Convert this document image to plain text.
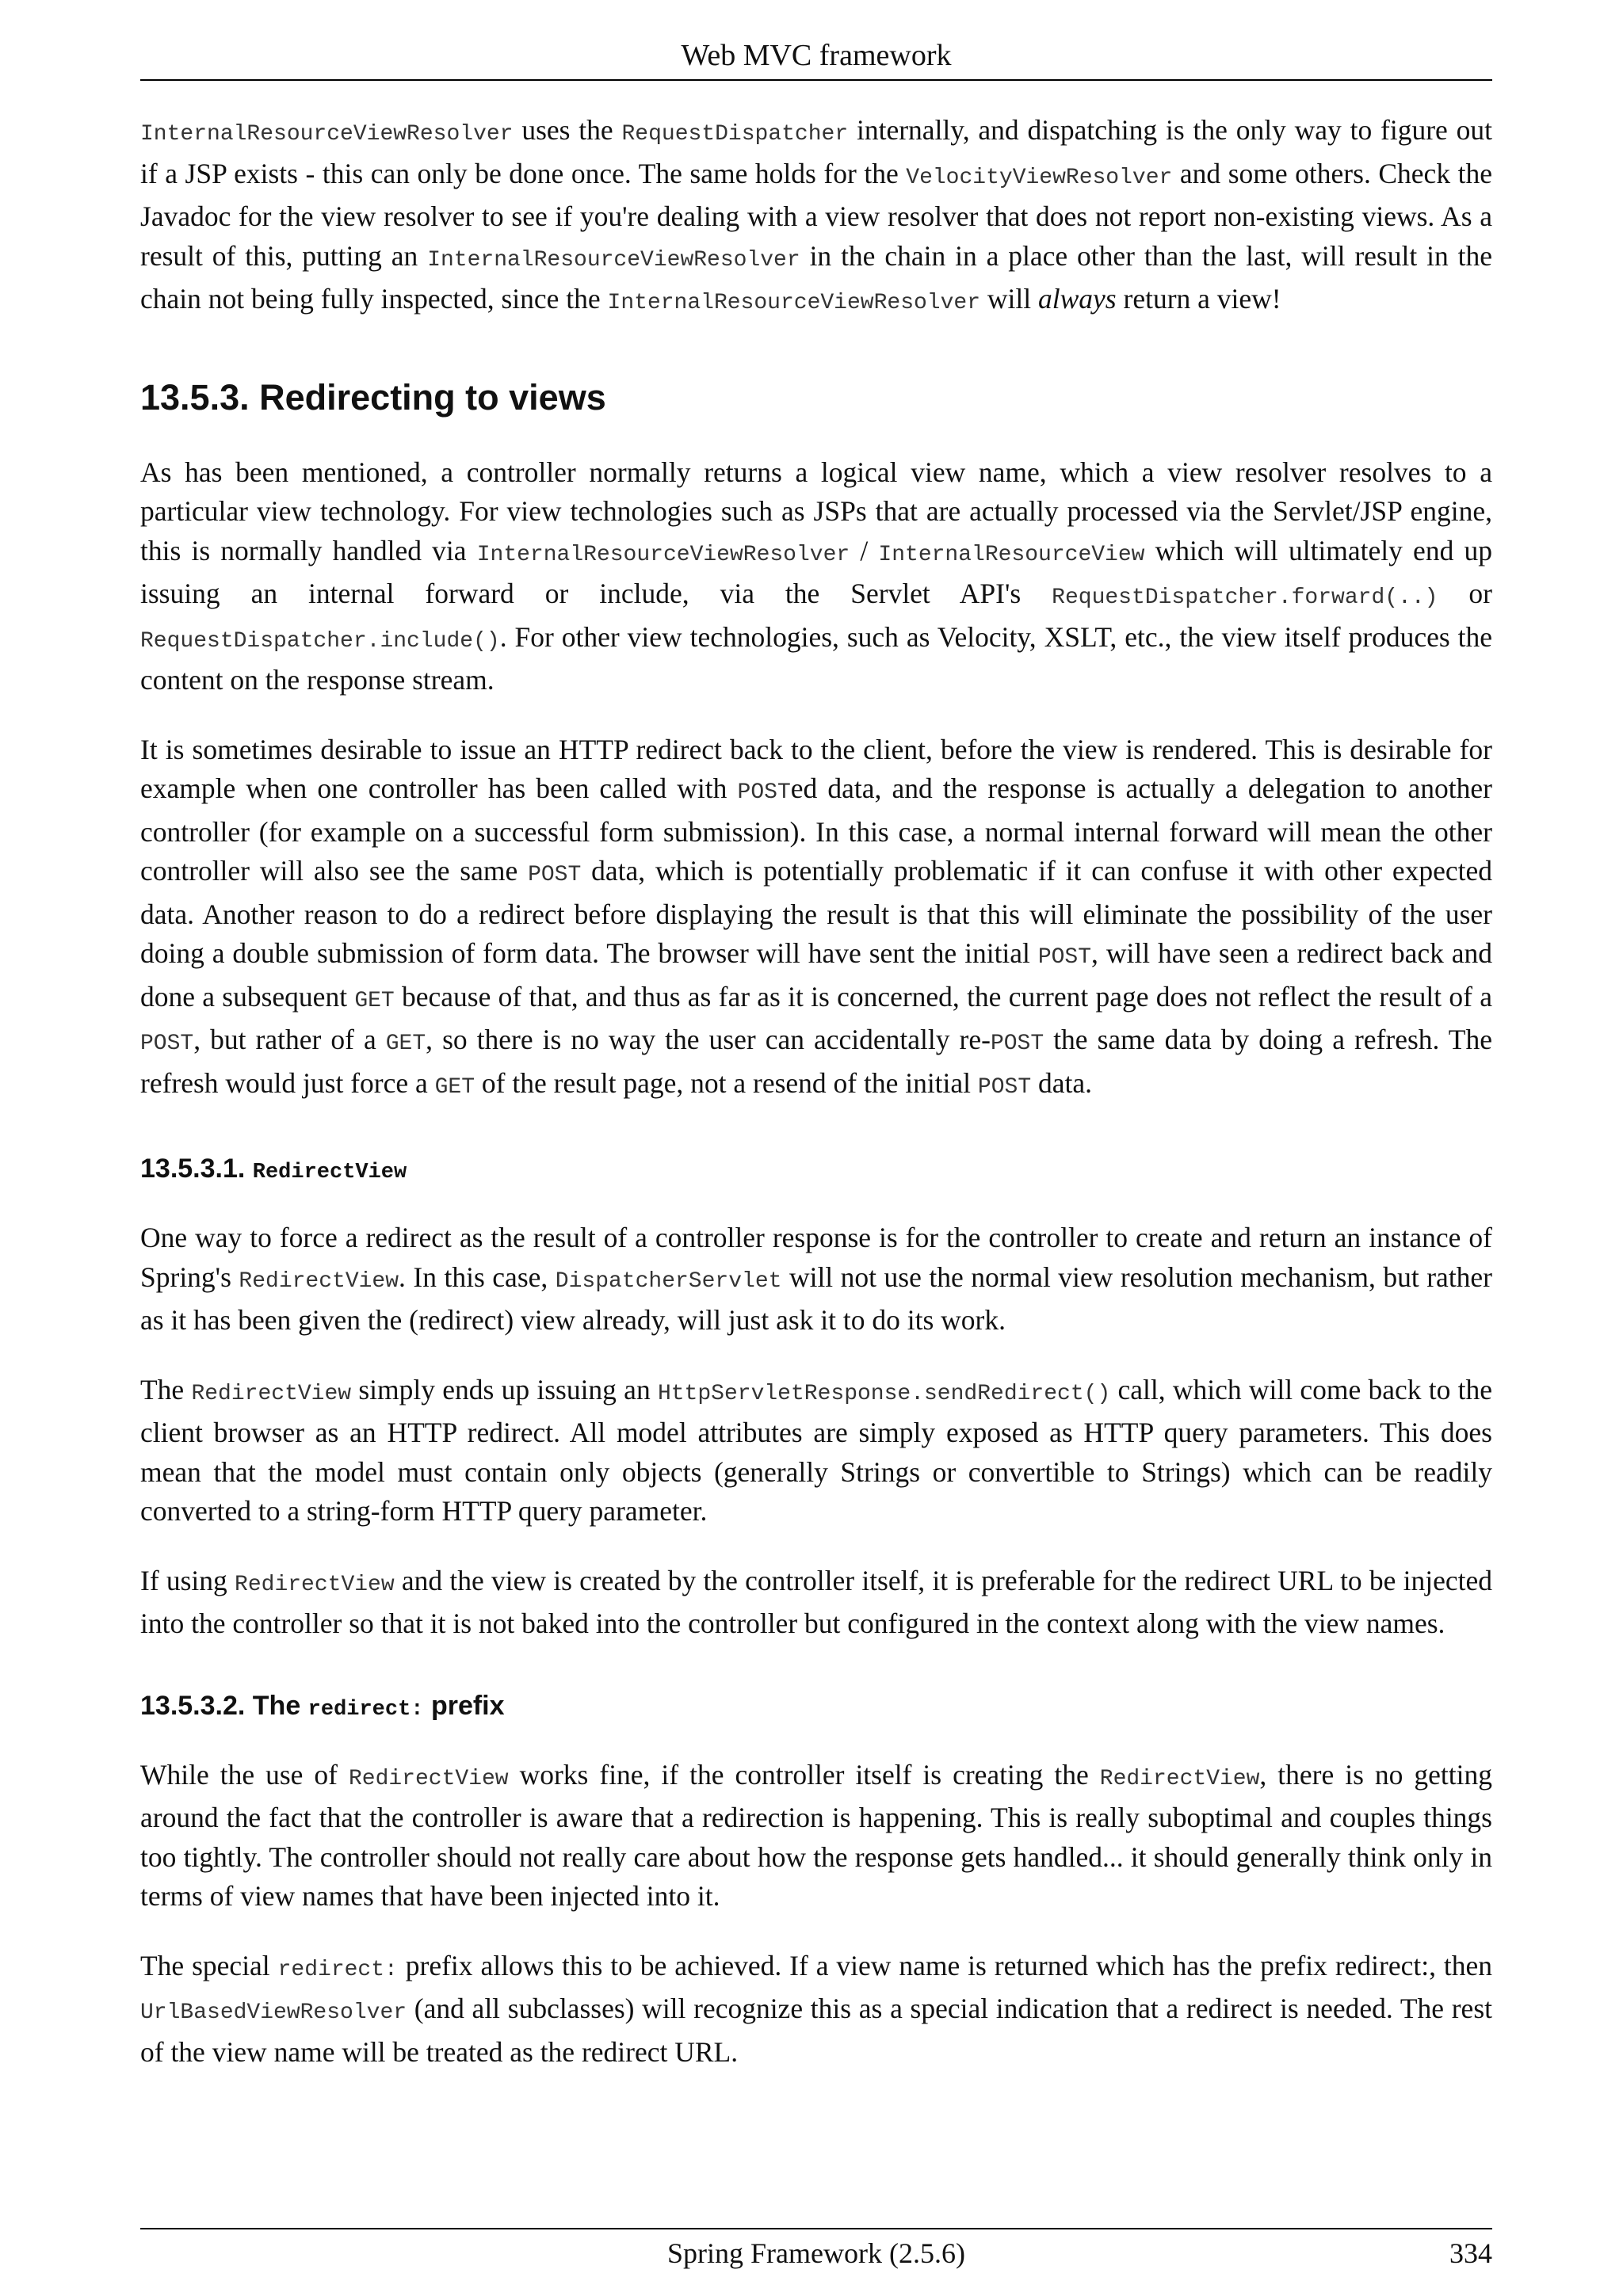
Web MVC framework

InternalResourceViewResolver uses the RequestDispatcher internally, and dispatching is the only way to figure out if a JSP exists - this can only be done once. The same holds for the VelocityViewResolver and some others. Check the Javadoc for the view resolver to see if you're dealing with a view resolver that does not report non-existing views. As a result of this, putting an InternalResourceViewResolver in the chain in a place other than the last, will result in the chain not being fully inspected, since the InternalResourceViewResolver will always return a view!

13.5.3. Redirecting to views

As has been mentioned, a controller normally returns a logical view name, which a view resolver resolves to a particular view technology. For view technologies such as JSPs that are actually processed via the Servlet/JSP engine, this is normally handled via InternalResourceViewResolver / InternalResourceView which will ultimately end up issuing an internal forward or include, via the Servlet API's RequestDispatcher.forward(..) or RequestDispatcher.include(). For other view technologies, such as Velocity, XSLT, etc., the view itself produces the content on the response stream.

It is sometimes desirable to issue an HTTP redirect back to the client, before the view is rendered. This is desirable for example when one controller has been called with POSTed data, and the response is actually a delegation to another controller (for example on a successful form submission). In this case, a normal internal forward will mean the other controller will also see the same POST data, which is potentially problematic if it can confuse it with other expected data. Another reason to do a redirect before displaying the result is that this will eliminate the possibility of the user doing a double submission of form data. The browser will have sent the initial POST, will have seen a redirect back and done a subsequent GET because of that, and thus as far as it is concerned, the current page does not reflect the result of a POST, but rather of a GET, so there is no way the user can accidentally re-POST the same data by doing a refresh. The refresh would just force a GET of the result page, not a resend of the initial POST data.

13.5.3.1. RedirectView

One way to force a redirect as the result of a controller response is for the controller to create and return an instance of Spring's RedirectView. In this case, DispatcherServlet will not use the normal view resolution mechanism, but rather as it has been given the (redirect) view already, will just ask it to do its work.

The RedirectView simply ends up issuing an HttpServletResponse.sendRedirect() call, which will come back to the client browser as an HTTP redirect. All model attributes are simply exposed as HTTP query parameters. This does mean that the model must contain only objects (generally Strings or convertible to Strings) which can be readily converted to a string-form HTTP query parameter.

If using RedirectView and the view is created by the controller itself, it is preferable for the redirect URL to be injected into the controller so that it is not baked into the controller but configured in the context along with the view names.

13.5.3.2. The redirect: prefix

While the use of RedirectView works fine, if the controller itself is creating the RedirectView, there is no getting around the fact that the controller is aware that a redirection is happening. This is really suboptimal and couples things too tightly. The controller should not really care about how the response gets handled... it should generally think only in terms of view names that have been injected into it.

The special redirect: prefix allows this to be achieved. If a view name is returned which has the prefix redirect:, then UrlBasedViewResolver (and all subclasses) will recognize this as a special indication that a redirect is needed. The rest of the view name will be treated as the redirect URL.

Spring Framework (2.5.6)	334
